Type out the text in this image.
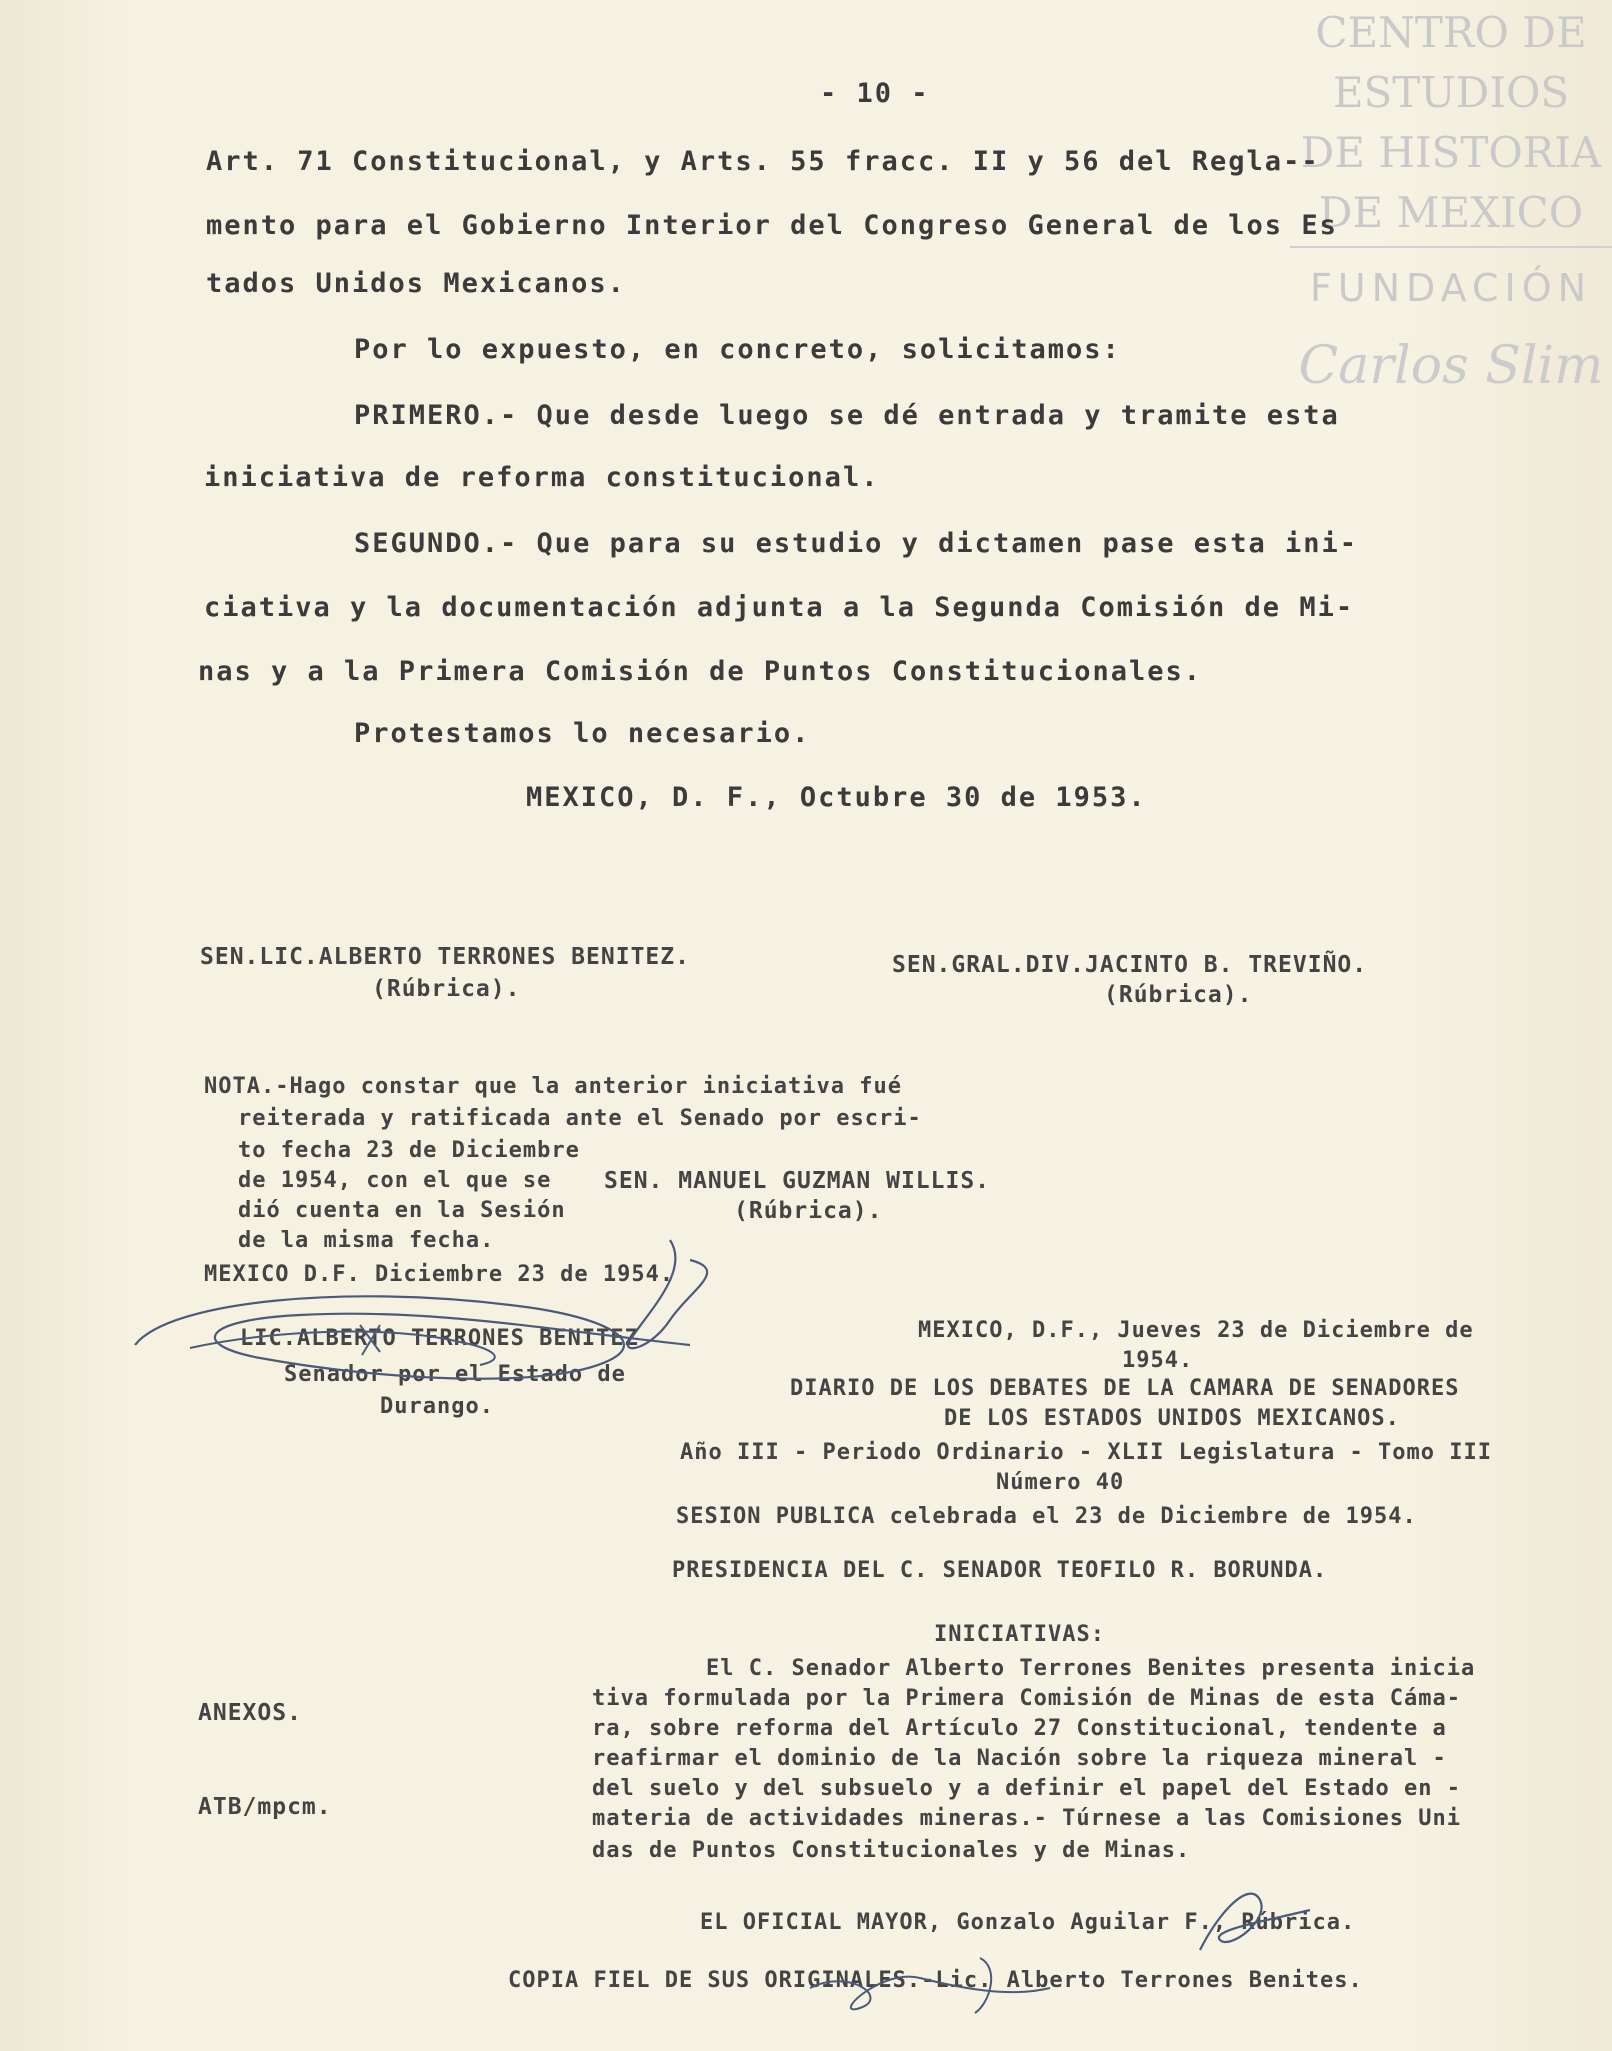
CENTRO DE
ESTUDIOS
DE HISTORIA
DE MEXICO
FUNDACIÓN
Carlos Slim
- 10 -
Art. 71 Constitucional, y Arts. 55 fracc. II y 56 del Regla--
mento para el Gobierno Interior del Congreso General de los Es
tados Unidos Mexicanos.
Por lo expuesto, en concreto, solicitamos:
PRIMERO.- Que desde luego se dé entrada y tramite esta
iniciativa de reforma constitucional.
SEGUNDO.- Que para su estudio y dictamen pase esta ini-
ciativa y la documentación adjunta a la Segunda Comisión de Mi-
nas y a la Primera Comisión de Puntos Constitucionales.
Protestamos lo necesario.
MEXICO, D. F., Octubre 30 de 1953.
SEN.LIC.ALBERTO TERRONES BENITEZ.
(Rúbrica).
SEN.GRAL.DIV.JACINTO B. TREVIÑO.
(Rúbrica).
NOTA.-Hago constar que la anterior iniciativa fué
reiterada y ratificada ante el Senado por escri-
to fecha 23 de Diciembre
de 1954, con el que se
dió cuenta en la Sesión
de la misma fecha.
MEXICO D.F. Diciembre 23 de 1954.
SEN. MANUEL GUZMAN WILLIS.
(Rúbrica).
LIC.ALBERTO TERRONES BENITEZ
Senador por el Estado de
Durango.
MEXICO, D.F., Jueves 23 de Diciembre de
1954.
DIARIO DE LOS DEBATES DE LA CAMARA DE SENADORES
DE LOS ESTADOS UNIDOS MEXICANOS.
Año III - Periodo Ordinario - XLII Legislatura - Tomo III
Número 40
SESION PUBLICA celebrada el 23 de Diciembre de 1954.
PRESIDENCIA DEL C. SENADOR TEOFILO R. BORUNDA.
INICIATIVAS:
El C. Senador Alberto Terrones Benites presenta inicia
tiva formulada por la Primera Comisión de Minas de esta Cáma-
ra, sobre reforma del Artículo 27 Constitucional, tendente a
reafirmar el dominio de la Nación sobre la riqueza mineral -
del suelo y del subsuelo y a definir el papel del Estado en -
materia de actividades mineras.- Túrnese a las Comisiones Uni
das de Puntos Constitucionales y de Minas.
EL OFICIAL MAYOR, Gonzalo Aguilar F., Rúbrica.
COPIA FIEL DE SUS ORIGINALES.-Lic. Alberto Terrones Benites.
ANEXOS.
ATB/mpcm.
